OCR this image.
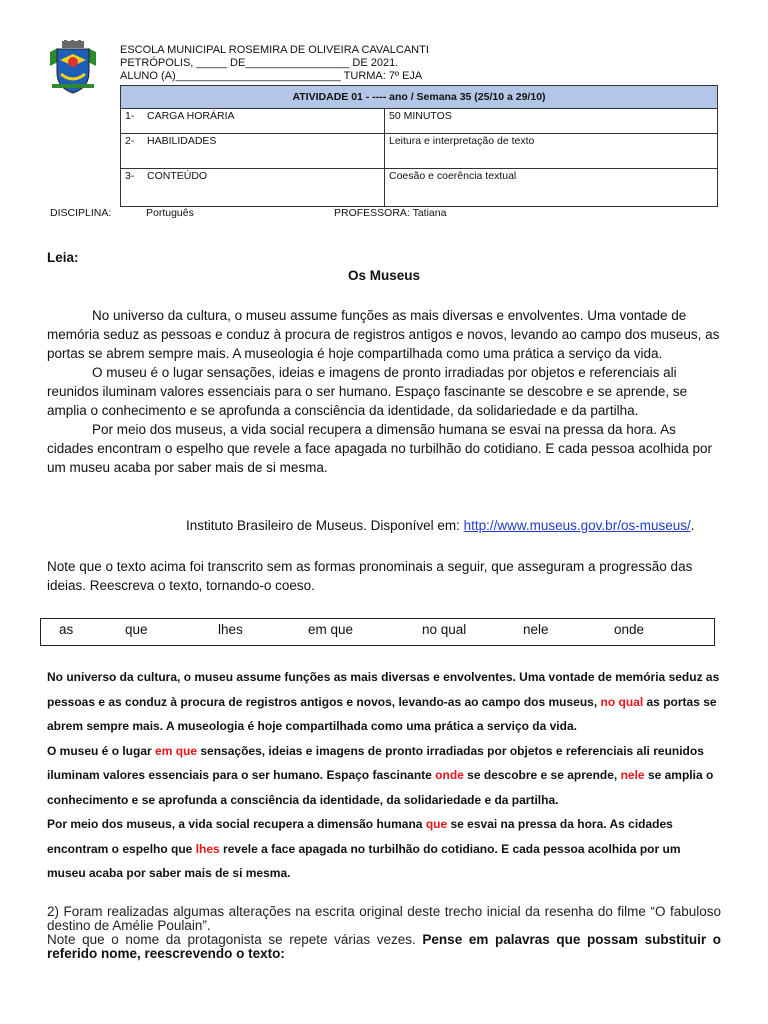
ESCOLA MUNICIPAL ROSEMIRA DE OLIVEIRA CAVALCANTI
PETRÓPOLIS, _____ DE_________________ DE 2021.
ALUNO (A)___________________________ TURMA: 7º EJA
ATIVIDADE 01 - ---- ano / Semana 35 (25/10 a 29/10)	
1- CARGA HORÁRIA	50 MINUTOS
2- HABILIDADES	Leitura e interpretação de texto
3- CONTEÚDO	Coesão e coerência textual
DISCIPLINA:	Português	PROFESSORA: Tatiana
Leia:
Os Museus

No universo da cultura, o museu assume funções as mais diversas e envolventes. Uma vontade de memória seduz as pessoas e conduz à procura de registros antigos e novos, levando ao campo dos museus, as portas se abrem sempre mais. A museologia é hoje compartilhada como uma prática a serviço da vida.

O museu é o lugar sensações, ideias e imagens de pronto irradiadas por objetos e referenciais ali reunidos iluminam valores essenciais para o ser humano. Espaço fascinante se descobre e se aprende, se amplia o conhecimento e se aprofunda a consciência da identidade, da solidariedade e da partilha.

Por meio dos museus, a vida social recupera a dimensão humana se esvai na pressa da hora. As cidades encontram o espelho que revele a face apagada no turbilhão do cotidiano. E cada pessoa acolhida por um museu acaba por saber mais de si mesma.

Instituto Brasileiro de Museus. Disponível em: http://www.museus.gov.br/os-museus/.
Note que o texto acima foi transcrito sem as formas pronominais a seguir, que asseguram a progressão das ideias. Reescreva o texto, tornando-o coeso.
as	que	lhes	em que	no qual	nele	onde

No universo da cultura, o museu assume funções as mais diversas e envolventes. Uma vontade de memória seduz as pessoas e as conduz à procura de registros antigos e novos, levando-as ao campo dos museus, no qual as portas se abrem sempre mais. A museologia é hoje compartilhada como uma prática a serviço da vida.

O museu é o lugar em que sensações, ideias e imagens de pronto irradiadas por objetos e referenciais ali reunidos iluminam valores essenciais para o ser humano. Espaço fascinante onde se descobre e se aprende, nele se amplia o conhecimento e se aprofunda a consciência da identidade, da solidariedade e da partilha.

Por meio dos museus, a vida social recupera a dimensão humana que se esvai na pressa da hora. As cidades encontram o espelho que lhes revele a face apagada no turbilhão do cotidiano. E cada pessoa acolhida por um museu acaba por saber mais de si mesma.

2) Foram realizadas algumas alterações na escrita original deste trecho inicial da resenha do filme “O fabuloso destino de Amélie Poulain”.

Note que o nome da protagonista se repete várias vezes. Pense em palavras que possam substituir o referido nome, reescrevendo o texto:
